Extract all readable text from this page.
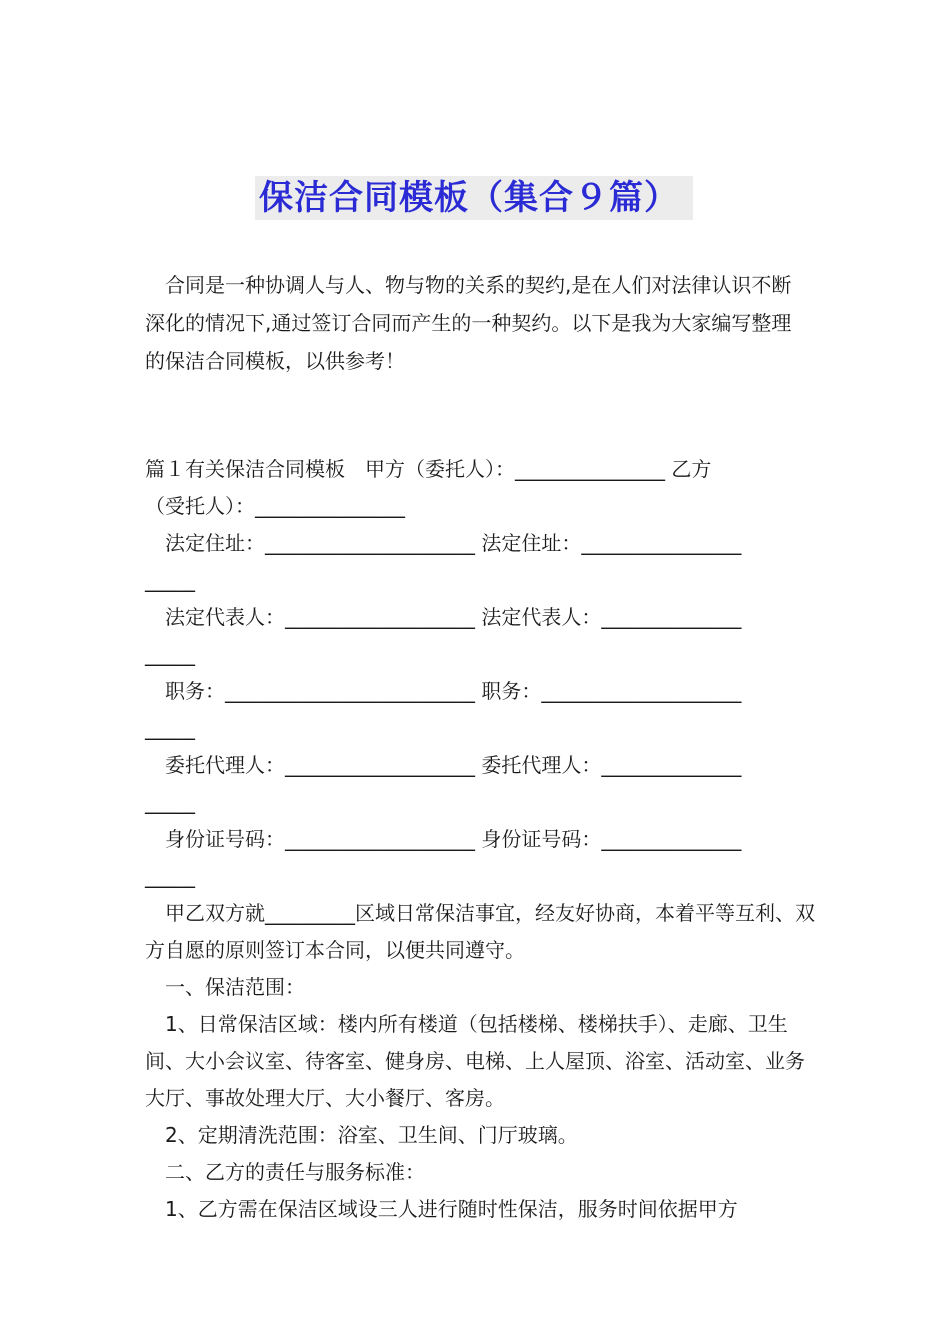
保洁合同模板（集合９篇）

合同是一种协调人与人、物与物的关系的契约,是在人们对法律认识不断深化的情况下,通过签订合同而产生的一种契约。以下是我为大家编写整理的保洁合同模板，以供参考！

篇１有关保洁合同模板 甲方（委托人）：_______________ 乙方

（受托人）：_______________

法定住址：_____________________ 法定住址：________________

_____

法定代表人：___________________ 法定代表人：______________

_____

职务：_________________________ 职务：____________________

_____

委托代理人：___________________ 委托代理人：______________

_____

身份证号码：___________________ 身份证号码：______________

_____

甲乙双方就_________区域日常保洁事宜，经友好协商，本着平等互利、双方自愿的原则签订本合同，以便共同遵守。

一、保洁范围：

1、日常保洁区域：楼内所有楼道（包括楼梯、楼梯扶手）、走廊、卫生间、大小会议室、待客室、健身房、电梯、上人屋顶、浴室、活动室、业务大厅、事故处理大厅、大小餐厅、客房。

2、定期清洗范围：浴室、卫生间、门厅玻璃。

二、乙方的责任与服务标准：

1、乙方需在保洁区域设三人进行随时性保洁，服务时间依据甲方
